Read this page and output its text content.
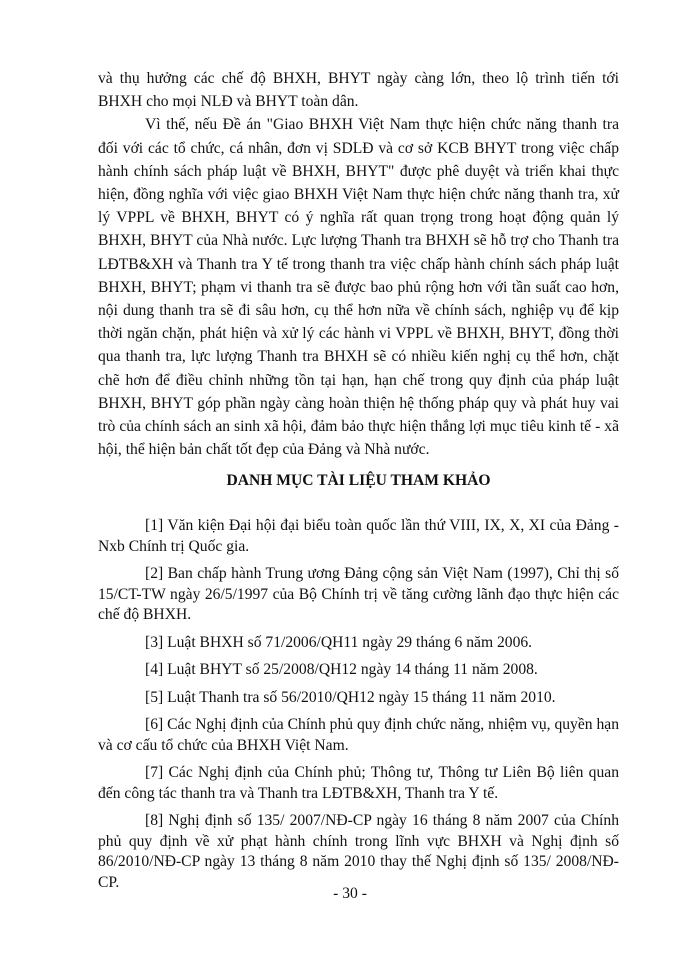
và thụ hưởng các chế độ BHXH, BHYT ngày càng lớn, theo lộ trình tiến tới BHXH cho mọi NLĐ và BHYT toàn dân.

Vì thế, nếu Đề án "Giao BHXH Việt Nam thực hiện chức năng thanh tra đối với các tổ chức, cá nhân, đơn vị SDLĐ và cơ sở KCB BHYT trong việc chấp hành chính sách pháp luật về BHXH, BHYT" được phê duyệt và triển khai thực hiện, đồng nghĩa với việc giao BHXH Việt Nam thực hiện chức năng thanh tra, xử lý VPPL về BHXH, BHYT có ý nghĩa rất quan trọng trong hoạt động quản lý BHXH, BHYT của Nhà nước. Lực lượng Thanh tra BHXH sẽ hỗ trợ cho Thanh tra LĐTB&XH và Thanh tra Y tế trong thanh tra việc chấp hành chính sách pháp luật BHXH, BHYT; phạm vi thanh tra sẽ được bao phủ rộng hơn với tần suất cao hơn, nội dung thanh tra sẽ đi sâu hơn, cụ thể hơn nữa về chính sách, nghiệp vụ để kịp thời ngăn chặn, phát hiện và xử lý các hành vi VPPL về BHXH, BHYT, đồng thời qua thanh tra, lực lượng Thanh tra BHXH sẽ có nhiều kiến nghị cụ thể hơn, chặt chẽ hơn để điều chỉnh những tồn tại hạn, hạn chế trong quy định của pháp luật BHXH, BHYT góp phần ngày càng hoàn thiện hệ thống pháp quy và phát huy vai trò của chính sách an sinh xã hội, đảm bảo thực hiện thắng lợi mục tiêu kinh tế - xã hội, thể hiện bản chất tốt đẹp của Đảng và Nhà nước.

DANH MỤC TÀI LIỆU THAM KHẢO

[1] Văn kiện Đại hội đại biểu toàn quốc lần thứ VIII, IX, X, XI của Đảng - Nxb Chính trị Quốc gia.

[2] Ban chấp hành Trung ương Đảng cộng sản Việt Nam (1997), Chỉ thị số 15/CT-TW ngày 26/5/1997 của Bộ Chính trị về tăng cường lãnh đạo thực hiện các chế độ BHXH.

[3] Luật BHXH số 71/2006/QH11 ngày 29 tháng 6 năm 2006.

[4] Luật BHYT số 25/2008/QH12 ngày 14 tháng 11 năm 2008.

[5] Luật Thanh tra số 56/2010/QH12 ngày 15 tháng 11 năm 2010.

[6] Các Nghị định của Chính phủ quy định chức năng, nhiệm vụ, quyền hạn và cơ cấu tổ chức của BHXH Việt Nam.

[7] Các Nghị định của Chính phủ; Thông tư, Thông tư Liên Bộ liên quan đến công tác thanh tra và Thanh tra LĐTB&XH, Thanh tra Y tế.

[8] Nghị định số 135/ 2007/NĐ-CP ngày 16 tháng 8 năm 2007 của Chính phủ quy định về xử phạt hành chính trong lĩnh vực BHXH và Nghị định số 86/2010/NĐ-CP ngày 13 tháng 8 năm 2010 thay thế Nghị định số 135/ 2008/NĐ-CP.

- 30 -
